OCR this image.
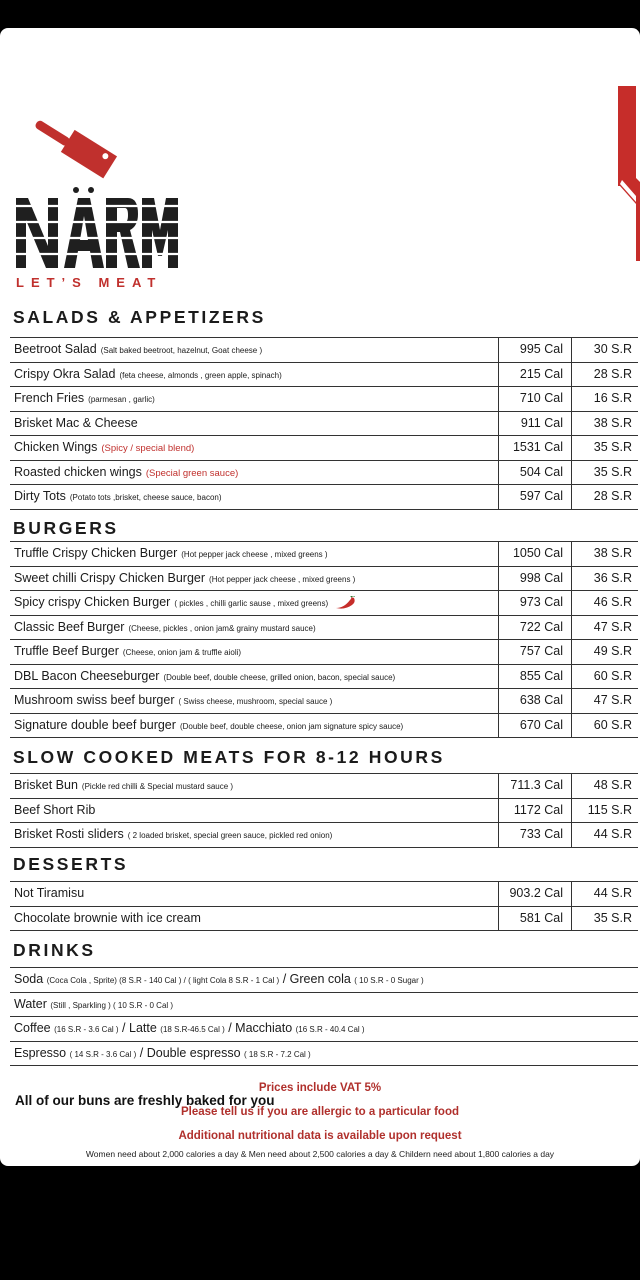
LET’S MEAT
SALADS & APPETIZERS
Beetroot Salad (Salt baked beetroot, hazelnut, Goat cheese )	995 Cal	30 S.R
Crispy Okra Salad (feta cheese, almonds , green apple, spinach)	215 Cal	28 S.R
French Fries (parmesan , garlic)	710 Cal	16 S.R
Brisket Mac & Cheese	911 Cal	38 S.R
Chicken Wings (Spicy / special blend)	1531 Cal	35 S.R
Roasted chicken wings (Special green sauce)	504 Cal	35 S.R
Dirty Tots (Potato tots ,brisket, cheese sauce, bacon)	597 Cal	28 S.R
BURGERS
Truffle Crispy Chicken Burger (Hot pepper jack cheese , mixed greens )	1050 Cal	38 S.R
Sweet chilli Crispy Chicken Burger (Hot pepper jack cheese , mixed greens )	998 Cal	36 S.R
Spicy crispy Chicken Burger ( pickles , chilli garlic sause , mixed greens)	973 Cal	46 S.R
Classic Beef Burger (Cheese, pickles , onion jam& grainy mustard sauce)	722 Cal	47 S.R
Truffle Beef Burger (Cheese, onion jam & truffle aioli)	757 Cal	49 S.R
DBL Bacon Cheeseburger (Double beef, double cheese, grilled onion, bacon, special sauce)	855 Cal	60 S.R
Mushroom swiss beef burger ( Swiss cheese, mushroom, special sauce )	638 Cal	47 S.R
Signature double beef burger (Double beef, double cheese, onion jam signature spicy sauce)	670 Cal	60 S.R
SLOW COOKED MEATS FOR 8-12 HOURS
Brisket Bun (Pickle red chilli & Special mustard sauce )	711.3 Cal	48 S.R
Beef Short Rib	1172 Cal	115 S.R
Brisket Rosti sliders ( 2 loaded brisket, special green sauce, pickled red onion)	733 Cal	44 S.R
DESSERTS
Not Tiramisu	903.2 Cal	44 S.R
Chocolate brownie with ice cream	581 Cal	35 S.R
DRINKS
Soda (Coca Cola , Sprite) (8 S.R - 140 Cal ) / ( light Cola 8 S.R - 1 Cal ) / Green cola ( 10 S.R - 0 Sugar )
Water (Still , Sparkling ) ( 10 S.R - 0 Cal )
Coffee (16 S.R - 3.6 Cal ) / Latte (18 S.R-46.5 Cal ) / Macchiato (16 S.R - 40.4 Cal )
Espresso ( 14 S.R - 3.6 Cal ) / Double espresso ( 18 S.R - 7.2 Cal )
All of our buns are freshly baked for you
Prices include VAT 5%
Please tell us if you are allergic to a particular food
Additional nutritional data is available upon request
Women need about 2,000 calories a day & Men need about 2,500 calories a day & Childern need about 1,800 calories a day
